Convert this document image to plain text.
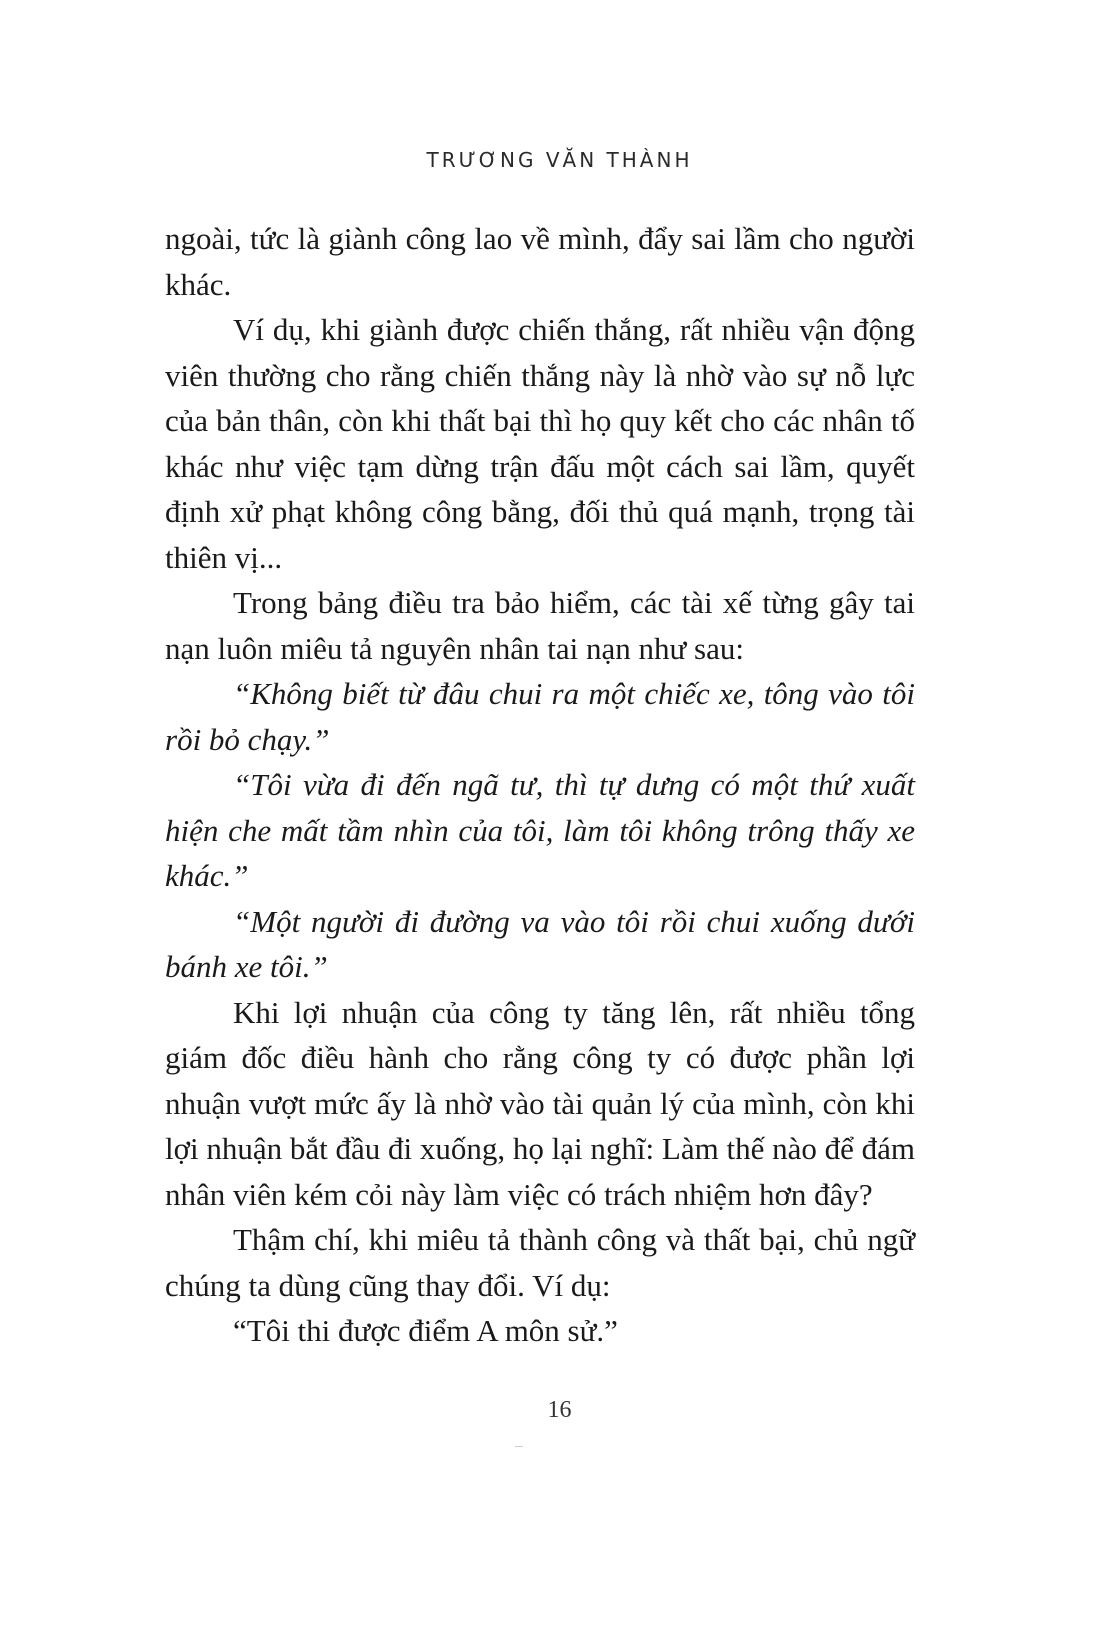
TRƯƠNG VĂN THÀNH

ngoài, tức là giành công lao về mình, đẩy sai lầm cho người khác.

Ví dụ, khi giành được chiến thắng, rất nhiều vận động viên thường cho rằng chiến thắng này là nhờ vào sự nỗ lực của bản thân, còn khi thất bại thì họ quy kết cho các nhân tố khác như việc tạm dừng trận đấu một cách sai lầm, quyết định xử phạt không công bằng, đối thủ quá mạnh, trọng tài thiên vị...

Trong bảng điều tra bảo hiểm, các tài xế từng gây tai nạn luôn miêu tả nguyên nhân tai nạn như sau:

“Không biết từ đâu chui ra một chiếc xe, tông vào tôi rồi bỏ chạy.”

“Tôi vừa đi đến ngã tư, thì tự dưng có một thứ xuất hiện che mất tầm nhìn của tôi, làm tôi không trông thấy xe khác.”

“Một người đi đường va vào tôi rồi chui xuống dưới bánh xe tôi.”

Khi lợi nhuận của công ty tăng lên, rất nhiều tổng giám đốc điều hành cho rằng công ty có được phần lợi nhuận vượt mức ấy là nhờ vào tài quản lý của mình, còn khi lợi nhuận bắt đầu đi xuống, họ lại nghĩ: Làm thế nào để đám nhân viên kém cỏi này làm việc có trách nhiệm hơn đây?

Thậm chí, khi miêu tả thành công và thất bại, chủ ngữ chúng ta dùng cũng thay đổi. Ví dụ:

“Tôi thi được điểm A môn sử.”

16
